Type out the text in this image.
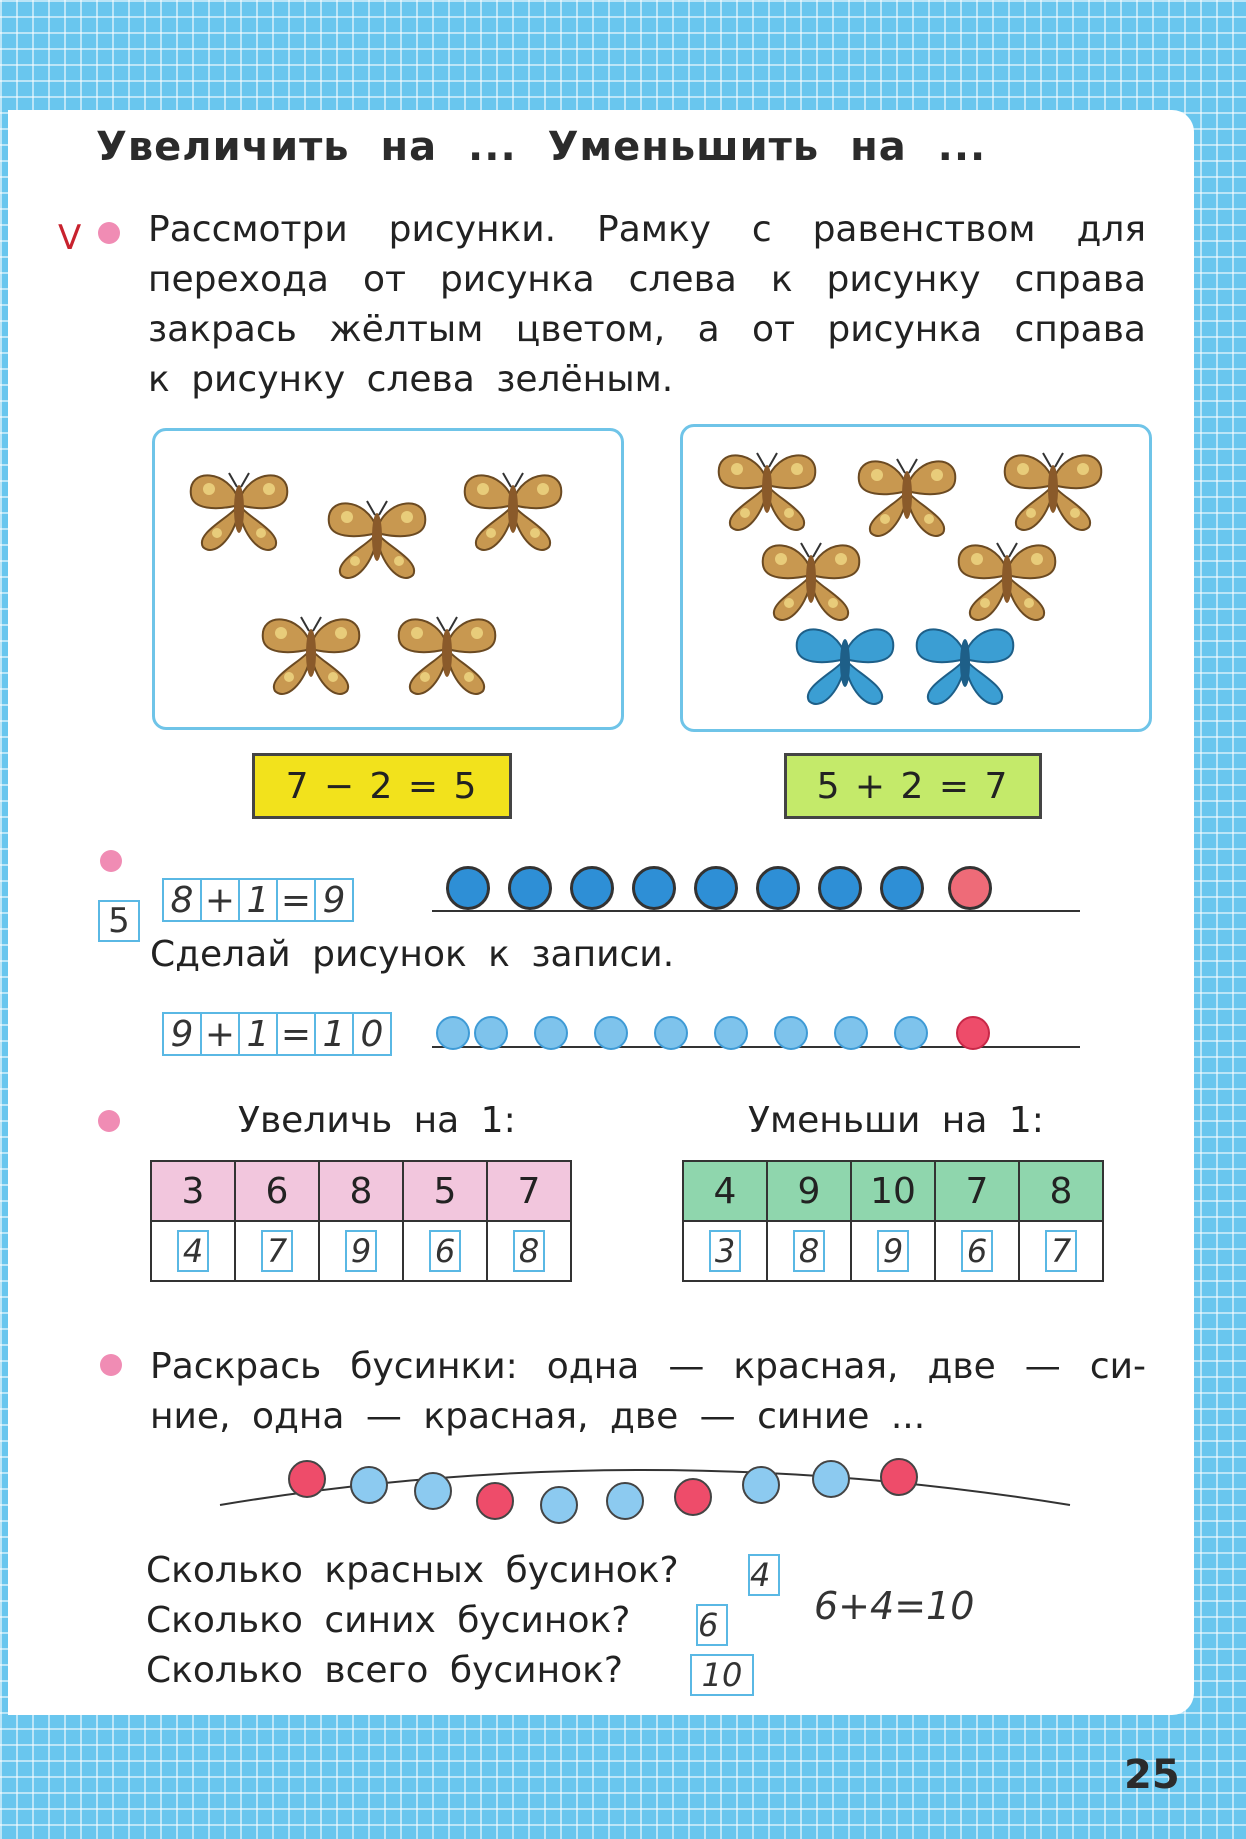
Увеличить на ... Уменьшить на ...
V Рассмотри рисунки. Рамку с равенством для
перехода от рисунка слева к рисунку справа
закрась жёлтым цветом, а от рисунка справа
к рисунку слева зелёным.
7 − 2 = 5	5 + 2 = 7
5
8 + 1 = 9
Сделай рисунок к записи.
9 + 1 = 1 0
Увеличь на 1:	Уменьши на 1:
3	6	8	5	7
4	7	9	6	8
4	9	10	7	8
3	8	9	6	7
Раскрась бусинки: одна — красная, две — си-
ние, одна — красная, две — синие ...
Сколько красных бусинок? 4
Сколько синих бусинок? 6
Сколько всего бусинок?	10
6+4=10
25
